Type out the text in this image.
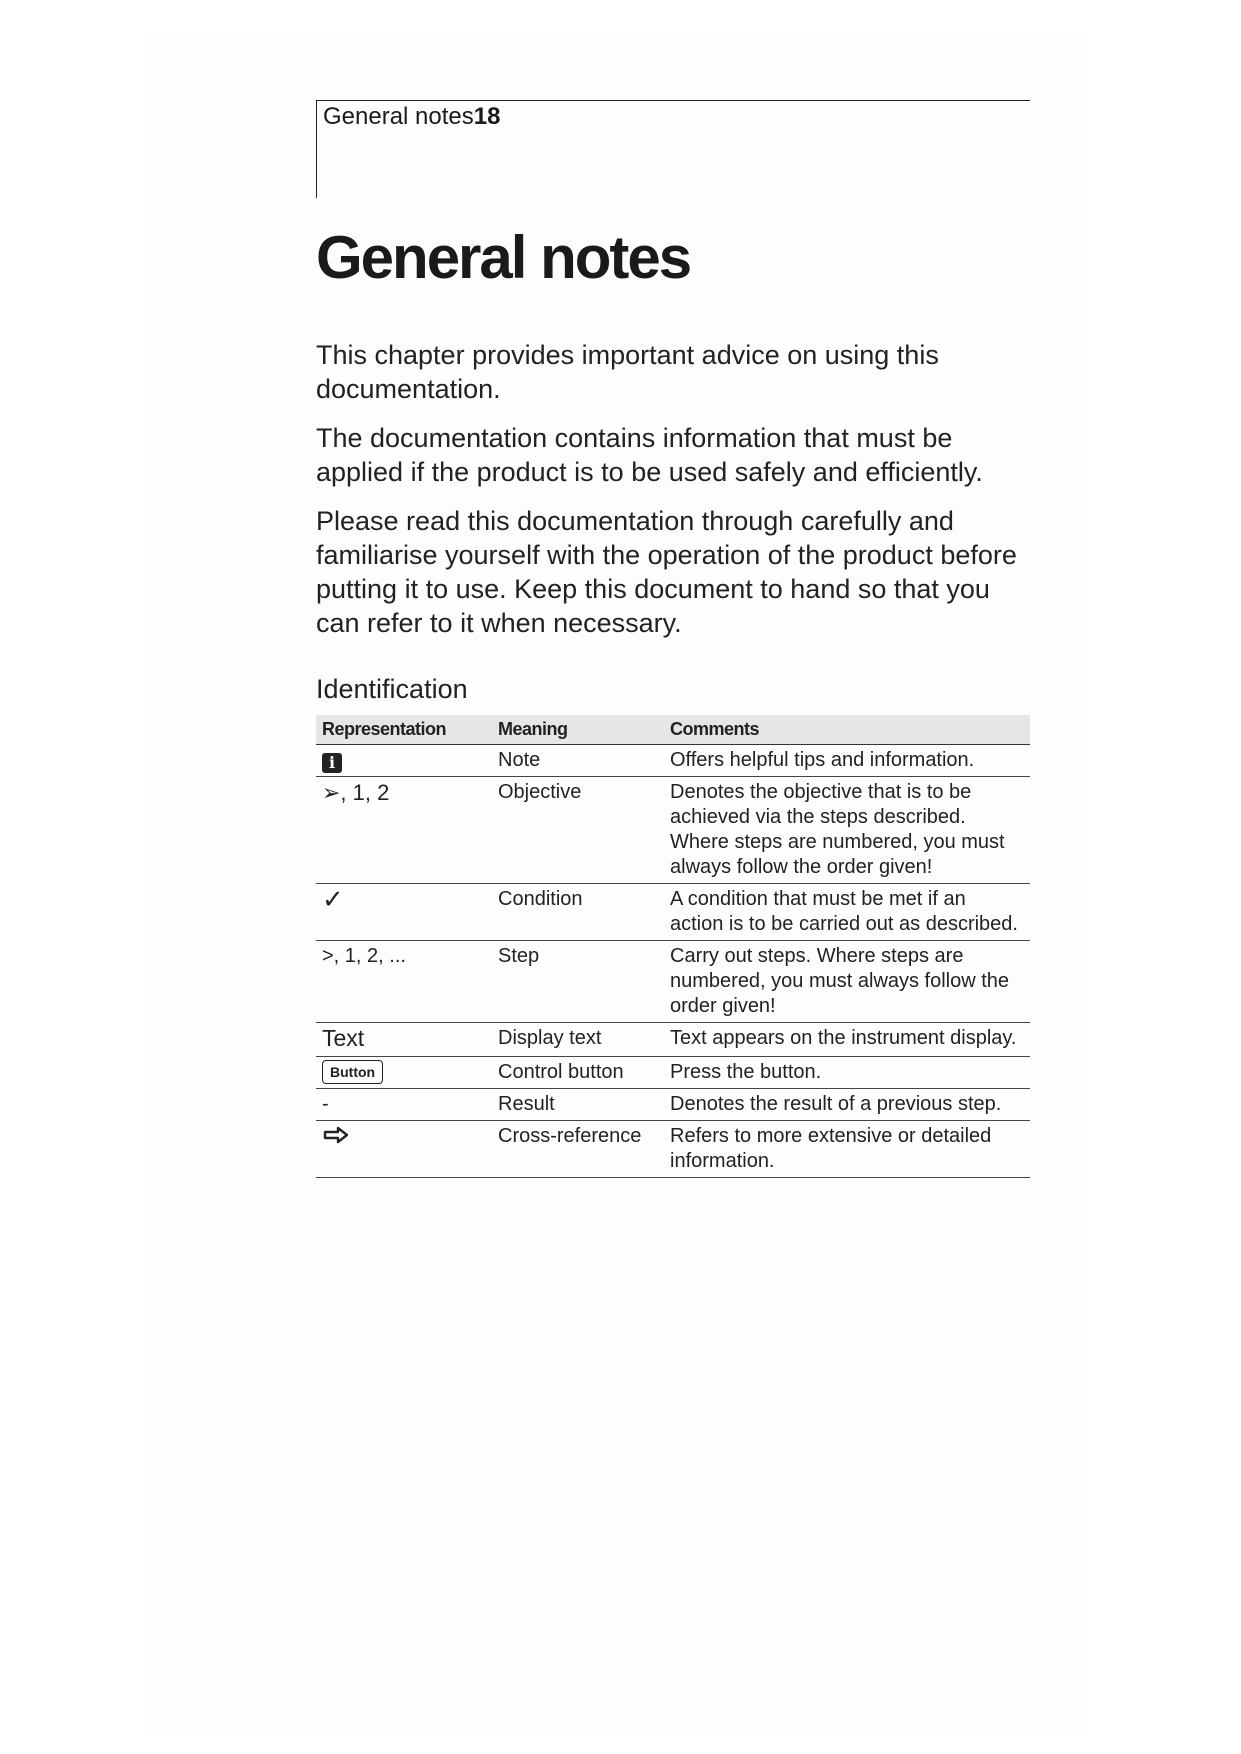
General notes18
General notes

This chapter provides important advice on using this documentation.

The documentation contains information that must be applied if the product is to be used safely and efficiently.

Please read this documentation through carefully and familiarise yourself with the operation of the product before putting it to use. Keep this document to hand so that you can refer to it when necessary.

Identification
Representation	Meaning	Comments
i	Note	Offers helpful tips and information.
➢, 1, 2	Objective	Denotes the objective that is to be achieved via the steps described. Where steps are numbered, you must always follow the order given!
✓	Condition	A condition that must be met if an action is to be carried out as described.
>, 1, 2, ...	Step	Carry out steps. Where steps are numbered, you must always follow the order given!
Text	Display text	Text appears on the instrument display.
Button	Control button	Press the button.
-	Result	Denotes the result of a previous step.
	Cross-reference	Refers to more extensive or detailed information.
